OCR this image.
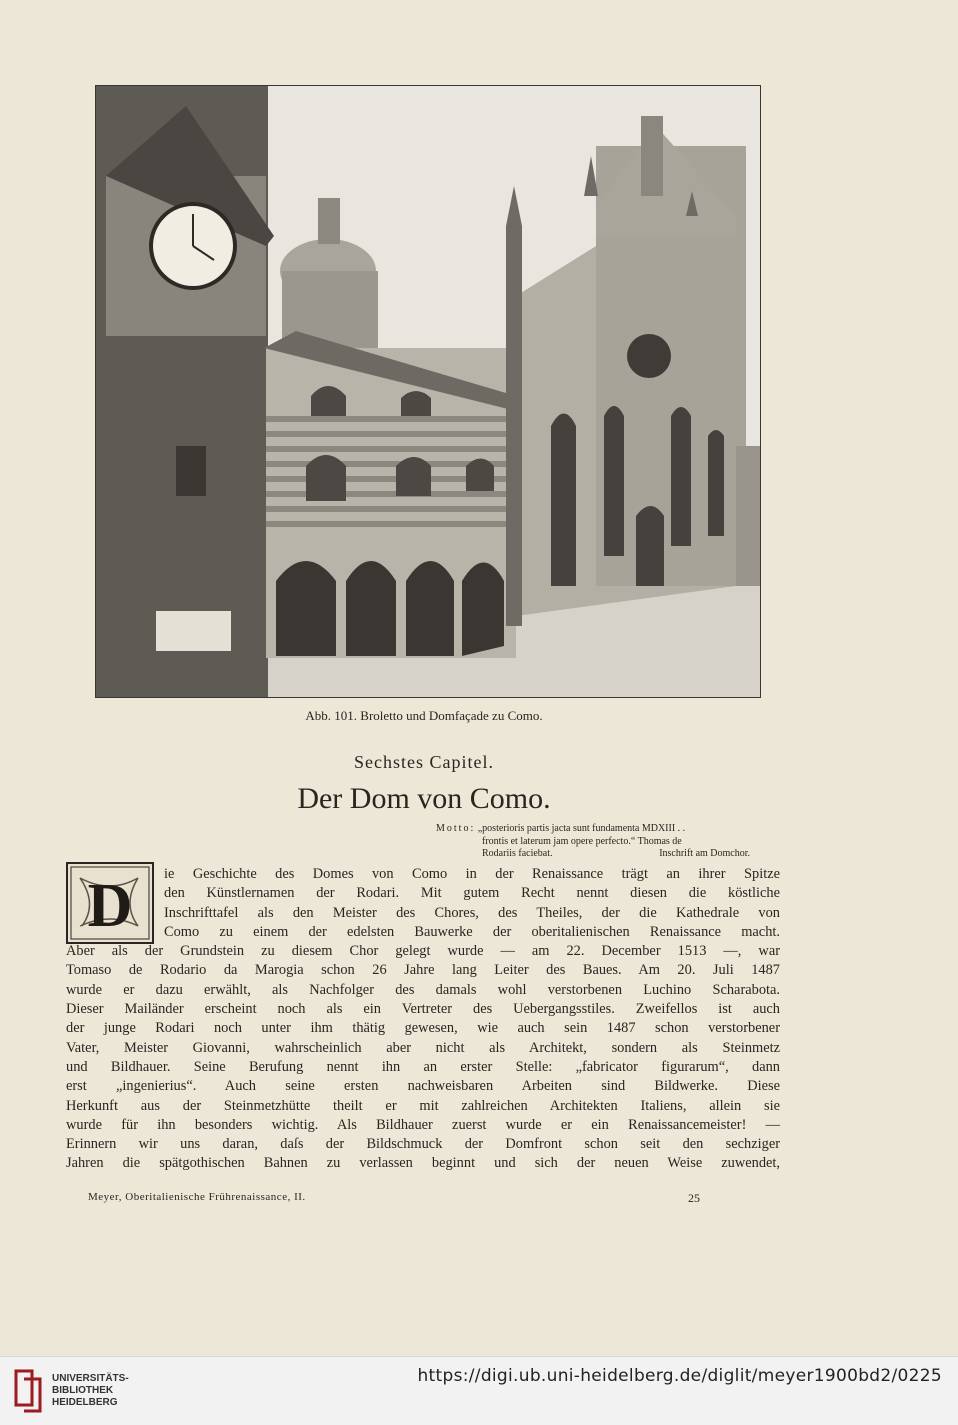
Abb. 101. Broletto und Domfaçade zu Como.
Sechstes Capitel.
Der Dom von Como.
Motto: „posterioris partis jacta sunt fundamenta MDXIII . .
frontis et laterum jam opere perfecto.“ Thomas de
Rodariis faciebat.	Inschrift am Domchor.
D	ie Geschichte des Domes von Como in der Renaissance trägt an ihrer Spitze
den Künstlernamen der Rodari. Mit gutem Recht nennt diesen die köstliche
Inschrifttafel als den Meister des Chores, des Theiles, der die Kathedrale von
Como zu einem der edelsten Bauwerke der oberitalienischen Renaissance macht.
Aber als der Grundstein zu diesem Chor gelegt wurde — am 22. December 1513 —, war
Tomaso de Rodario da Marogia schon 26 Jahre lang Leiter des Baues. Am 20. Juli 1487
wurde er dazu erwählt, als Nachfolger des damals wohl verstorbenen Luchino Scharabota.
Dieser Mailänder erscheint noch als ein Vertreter des Uebergangsstiles. Zweifellos ist auch
der junge Rodari noch unter ihm thätig gewesen, wie auch sein 1487 schon verstorbener
Vater, Meister Giovanni, wahrscheinlich aber nicht als Architekt, sondern als Steinmetz
und Bildhauer. Seine Berufung nennt ihn an erster Stelle: „fabricator figurarum“, dann
erst „ingenierius“. Auch seine ersten nachweisbaren Arbeiten sind Bildwerke. Diese
Herkunft aus der Steinmetzhütte theilt er mit zahlreichen Architekten Italiens, allein sie
wurde für ihn besonders wichtig. Als Bildhauer zuerst wurde er ein Renaissancemeister! —
Erinnern wir uns daran, daſs der Bildschmuck der Domfront schon seit den sechziger
Jahren die spätgothischen Bahnen zu verlassen beginnt und sich der neuen Weise zuwendet,
Meyer, Oberitalienische Frührenaissance, II.	25
UNIVERSITÄTS-
BIBLIOTHEK
HEIDELBERG
https://digi.ub.uni-heidelberg.de/diglit/meyer1900bd2/0225
